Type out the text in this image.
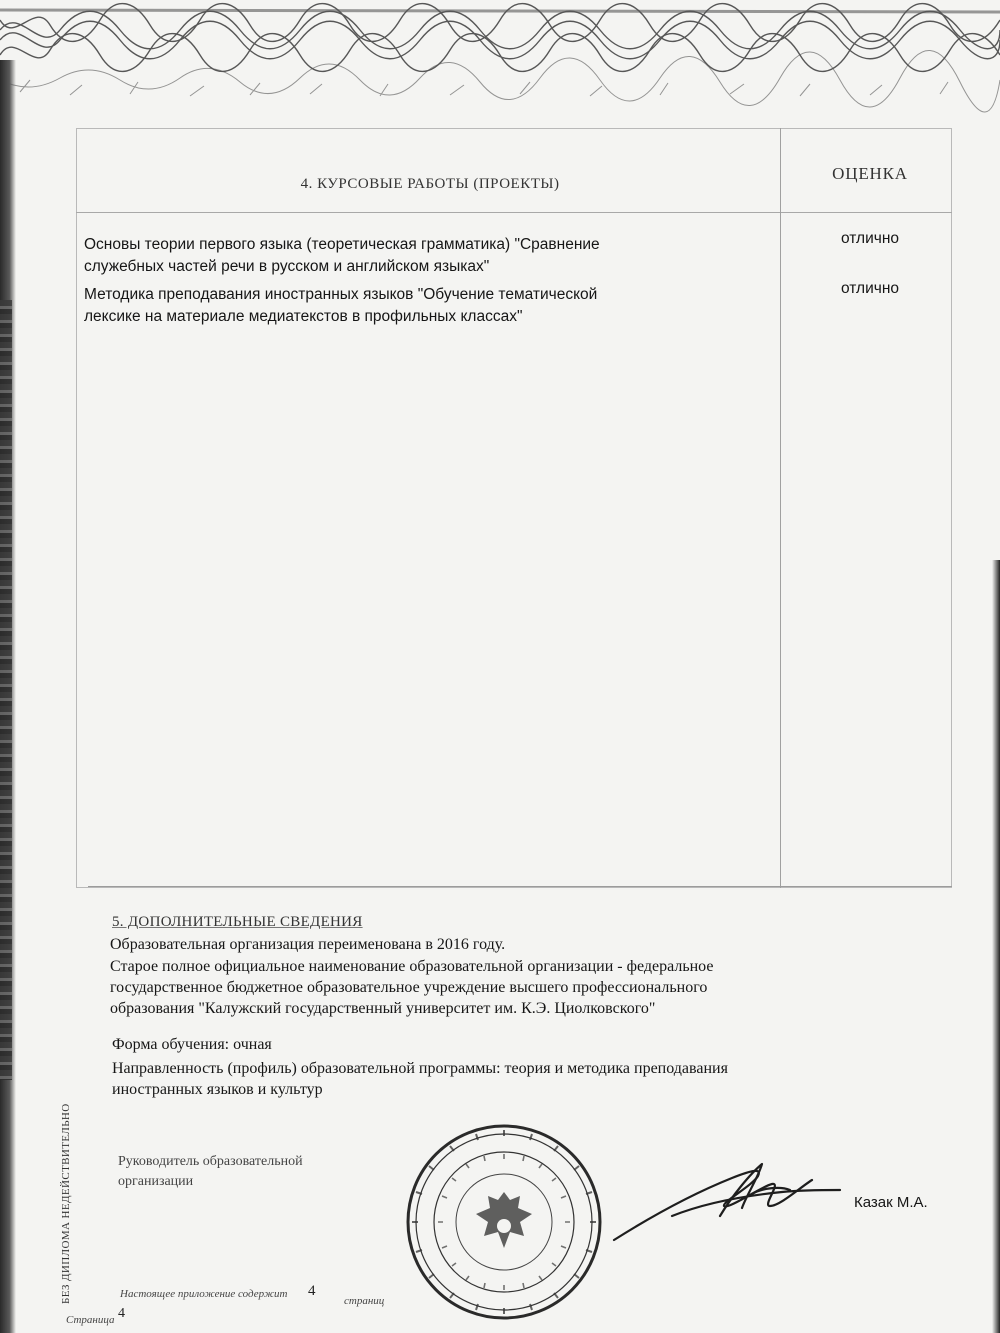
4. КУРСОВЫЕ РАБОТЫ (ПРОЕКТЫ)
ОЦЕНКА
Основы теории первого языка (теоретическая грамматика) "Сравнение
служебных частей речи в русском и английском языках"
отлично
Методика преподавания иностранных языков "Обучение тематической
лексике на материале медиатекстов в профильных классах"
отлично
5. ДОПОЛНИТЕЛЬНЫЕ СВЕДЕНИЯ
Образовательная организация переименована в 2016 году.
Старое полное официальное наименование образовательной организации - федеральное
государственное бюджетное образовательное учреждение высшего профессионального
образования "Калужский государственный университет им. К.Э. Циолковского"
Форма обучения: очная
Направленность (профиль) образовательной программы: теория и методика преподавания
иностранных языков и культур
Руководитель образовательной
организации
Казак М.А.
БЕЗ ДИПЛОМА НЕДЕЙСТВИТЕЛЬНО	Настоящее приложение содержит 4
страниц
Страница 4
